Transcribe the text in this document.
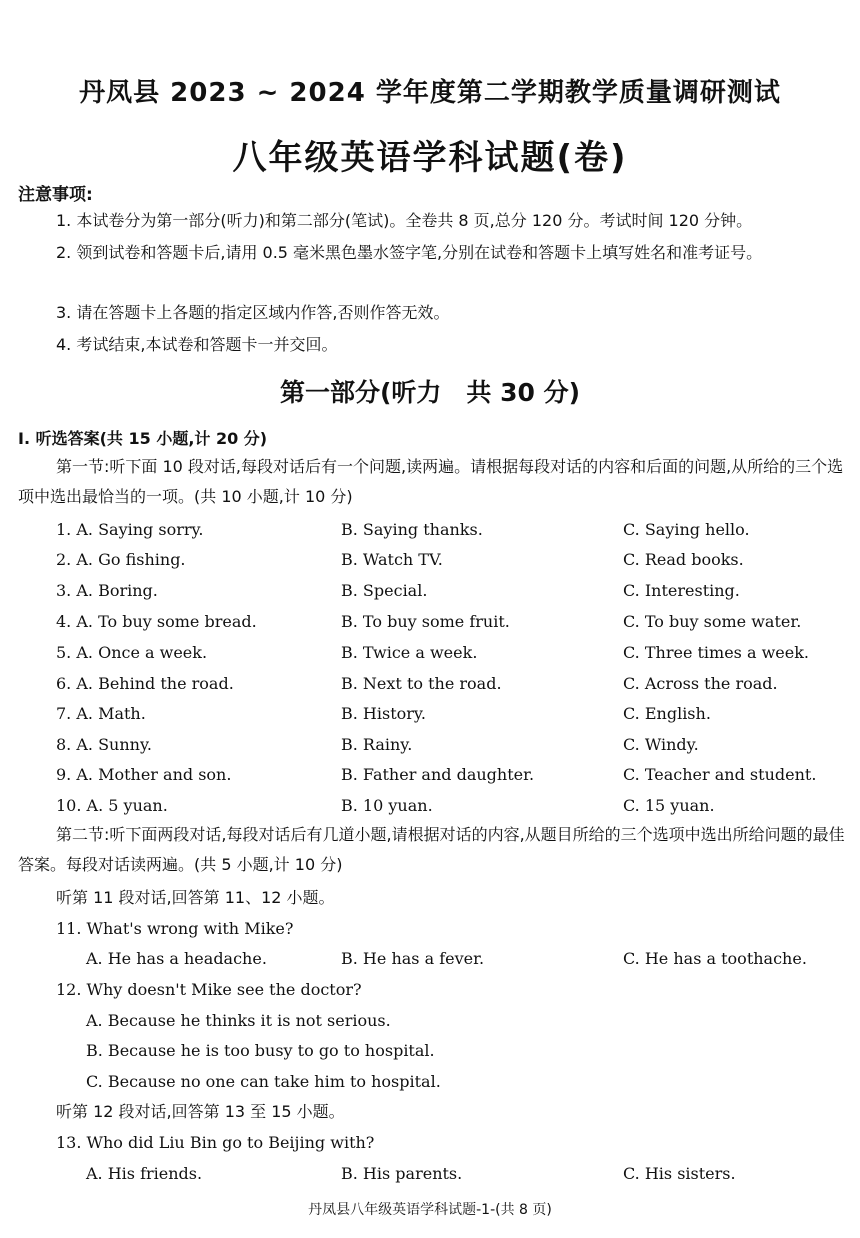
丹凤县 2023 ~ 2024 学年度第二学期教学质量调研测试
八年级英语学科试题(卷)
注意事项:
1. 本试卷分为第一部分(听力)和第二部分(笔试)。全卷共 8 页,总分 120 分。考试时间 120 分钟。
2. 领到试卷和答题卡后,请用 0.5 毫米黑色墨水签字笔,分别在试卷和答题卡上填写姓名和准考证号。
3. 请在答题卡上各题的指定区域内作答,否则作答无效。
4. 考试结束,本试卷和答题卡一并交回。
第一部分(听力　共 30 分)
Ⅰ. 听选答案(共 15 小题,计 20 分)
第一节:听下面 10 段对话,每段对话后有一个问题,读两遍。请根据每段对话的内容和后面的问题,从所给的三个选项中选出最恰当的一项。(共 10 小题,计 10 分)
1. A. Saying sorry.	B. Saying thanks.	C. Saying hello.
2. A. Go fishing.	B. Watch TV.	C. Read books.
3. A. Boring.	B. Special.	C. Interesting.
4. A. To buy some bread.	B. To buy some fruit.	C. To buy some water.
5. A. Once a week.	B. Twice a week.	C. Three times a week.
6. A. Behind the road.	B. Next to the road.	C. Across the road.
7. A. Math.	B. History.	C. English.
8. A. Sunny.	B. Rainy.	C. Windy.
9. A. Mother and son.	B. Father and daughter.	C. Teacher and student.
10. A. 5 yuan.	B. 10 yuan.	C. 15 yuan.
第二节:听下面两段对话,每段对话后有几道小题,请根据对话的内容,从题目所给的三个选项中选出所给问题的最佳答案。每段对话读两遍。(共 5 小题,计 10 分)
听第 11 段对话,回答第 11、12 小题。
11. What's wrong with Mike?
A. He has a headache.	B. He has a fever.	C. He has a toothache.
12. Why doesn't Mike see the doctor?
A. Because he thinks it is not serious.
B. Because he is too busy to go to hospital.
C. Because no one can take him to hospital.
听第 12 段对话,回答第 13 至 15 小题。
13. Who did Liu Bin go to Beijing with?
A. His friends.	B. His parents.	C. His sisters.
丹凤县八年级英语学科试题-1-(共 8 页)
